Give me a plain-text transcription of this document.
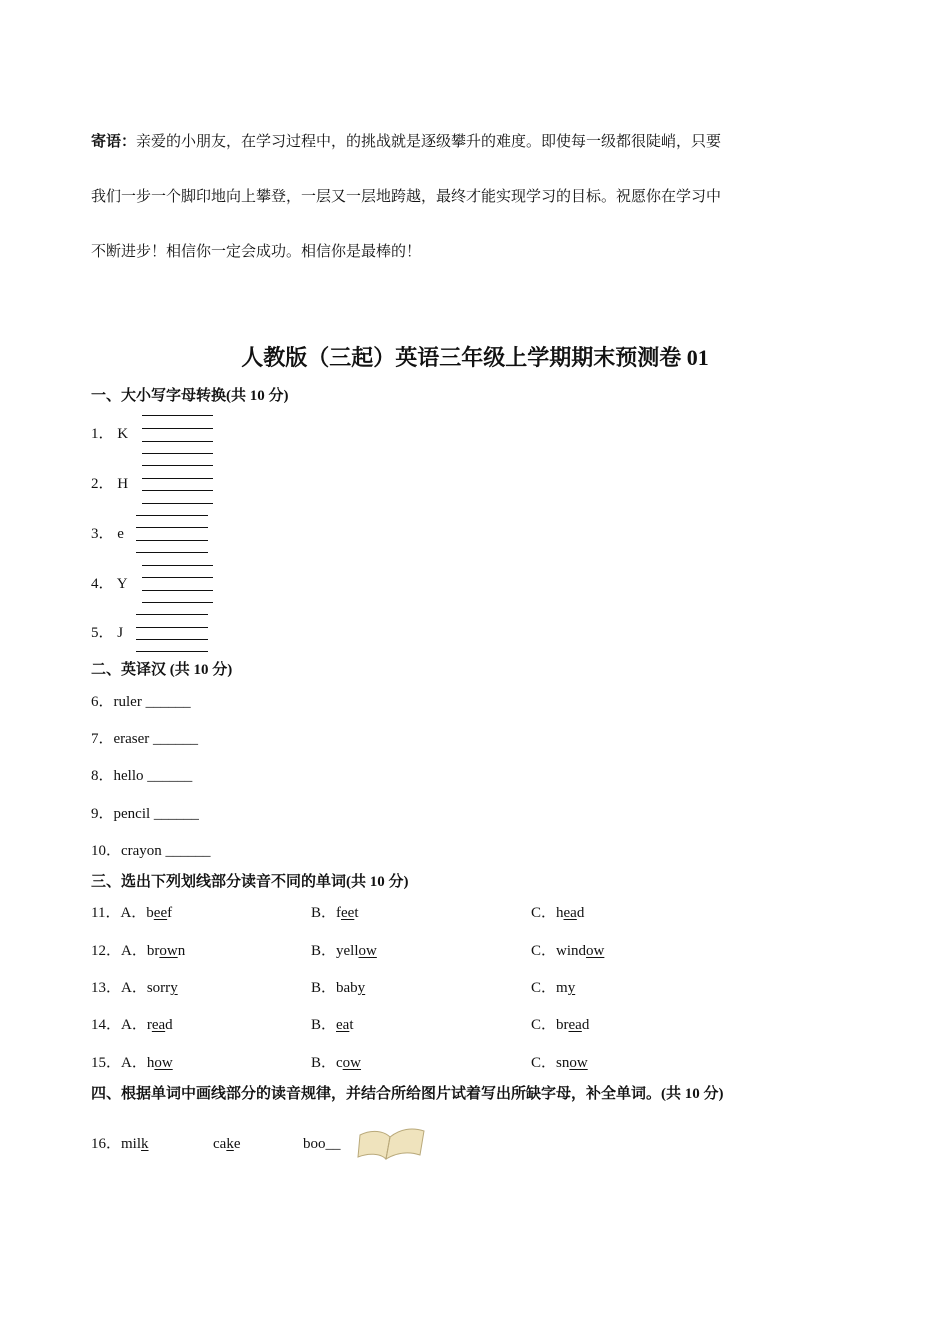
寄语：亲爱的小朋友，在学习过程中，的挑战就是逐级攀升的难度。即使每一级都很陡峭，只要
我们一步一个脚印地向上攀登，一层又一层地跨越，最终才能实现学习的目标。祝愿你在学习中
不断进步！相信你一定会成功。相信你是最棒的！
人教版（三起）英语三年级上学期期末预测卷 01
一、大小写字母转换(共 10 分)
1． K
2． H
3． e
4． Y
5． J
二、英译汉 (共 10 分)
6．ruler ______
7．eraser ______
8．hello ______
9．pencil ______
10．crayon ______
三、选出下列划线部分读音不同的单词(共 10 分)
11．A．beef	B．feet	C．head
12．A．brown	B．yellow	C．window
13．A．sorry	B．baby	C．my
14．A．read	B．eat	C．bread
15．A．how	B．cow	C．snow
四、根据单词中画线部分的读音规律，并结合所给图片试着写出所缺字母，补全单词。(共 10 分)
16．milk	cake	boo__
